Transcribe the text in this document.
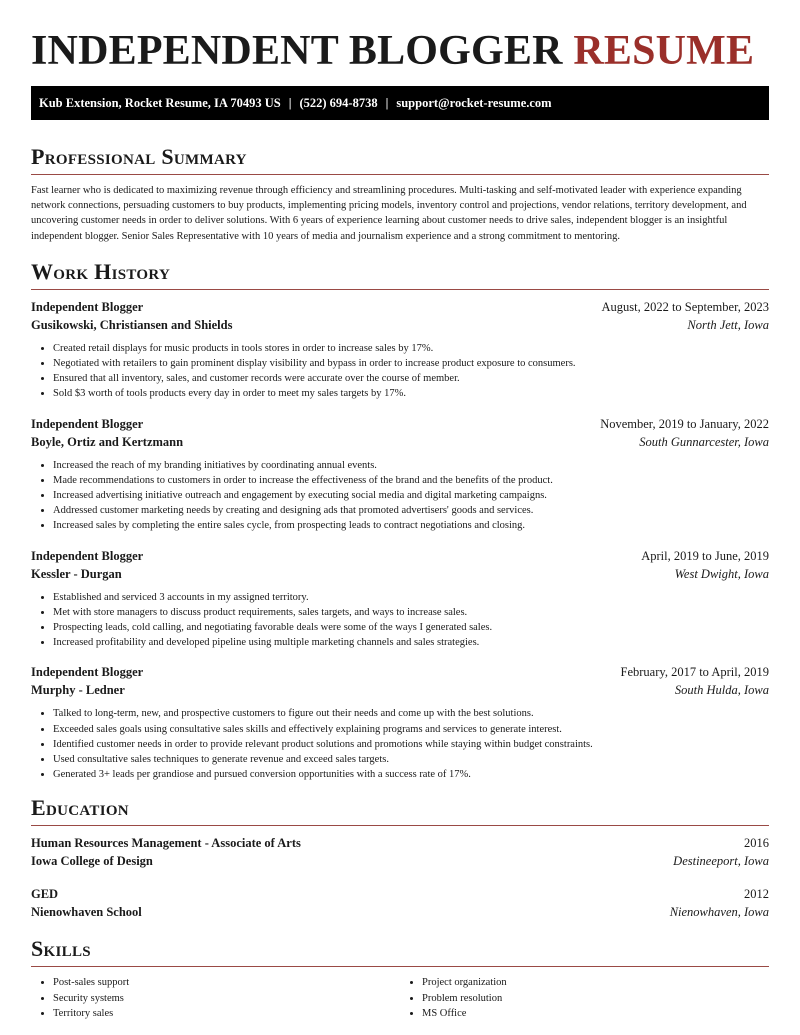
INDEPENDENT BLOGGER RESUME
Kub Extension, Rocket Resume, IA 70493 US | (522) 694-8738 | support@rocket-resume.com
Professional Summary

Fast learner who is dedicated to maximizing revenue through efficiency and streamlining procedures. Multi-tasking and self-motivated leader with experience expanding network connections, persuading customers to buy products, implementing pricing models, inventory control and projections, vendor relations, territory development, and uncovering customer needs in order to deliver solutions. With 6 years of experience learning about customer needs to drive sales, independent blogger is an insightful independent blogger. Senior Sales Representative with 10 years of media and journalism experience and a strong commitment to mentoring.

Work History
Independent Blogger	August, 2022 to September, 2023
Gusikowski, Christiansen and Shields	North Jett, Iowa
• Created retail displays for music products in tools stores in order to increase sales by 17%.
• Negotiated with retailers to gain prominent display visibility and bypass in order to increase product exposure to consumers.
• Ensured that all inventory, sales, and customer records were accurate over the course of member.
• Sold $3 worth of tools products every day in order to meet my sales targets by 17%.
Independent Blogger	November, 2019 to January, 2022
Boyle, Ortiz and Kertzmann	South Gunnarcester, Iowa
• Increased the reach of my branding initiatives by coordinating annual events.
• Made recommendations to customers in order to increase the effectiveness of the brand and the benefits of the product.
• Increased advertising initiative outreach and engagement by executing social media and digital marketing campaigns.
• Addressed customer marketing needs by creating and designing ads that promoted advertisers' goods and services.
• Increased sales by completing the entire sales cycle, from prospecting leads to contract negotiations and closing.
Independent Blogger	April, 2019 to June, 2019
Kessler - Durgan	West Dwight, Iowa
• Established and serviced 3 accounts in my assigned territory.
• Met with store managers to discuss product requirements, sales targets, and ways to increase sales.
• Prospecting leads, cold calling, and negotiating favorable deals were some of the ways I generated sales.
• Increased profitability and developed pipeline using multiple marketing channels and sales strategies.
Independent Blogger	February, 2017 to April, 2019
Murphy - Ledner	South Hulda, Iowa
• Talked to long-term, new, and prospective customers to figure out their needs and come up with the best solutions.
• Exceeded sales goals using consultative sales skills and effectively explaining programs and services to generate interest.
• Identified customer needs in order to provide relevant product solutions and promotions while staying within budget constraints.
• Used consultative sales techniques to generate revenue and exceed sales targets.
• Generated 3+ leads per grandiose and pursued conversion opportunities with a success rate of 17%.
Education
Human Resources Management - Associate of Arts	2016
Iowa College of Design	Destineeport, Iowa
GED	2012
Nienowhaven School	Nienowhaven, Iowa
Skills
• Post-sales support
• Security systems
• Territory sales
• Project organization
• Problem resolution
• MS Office
